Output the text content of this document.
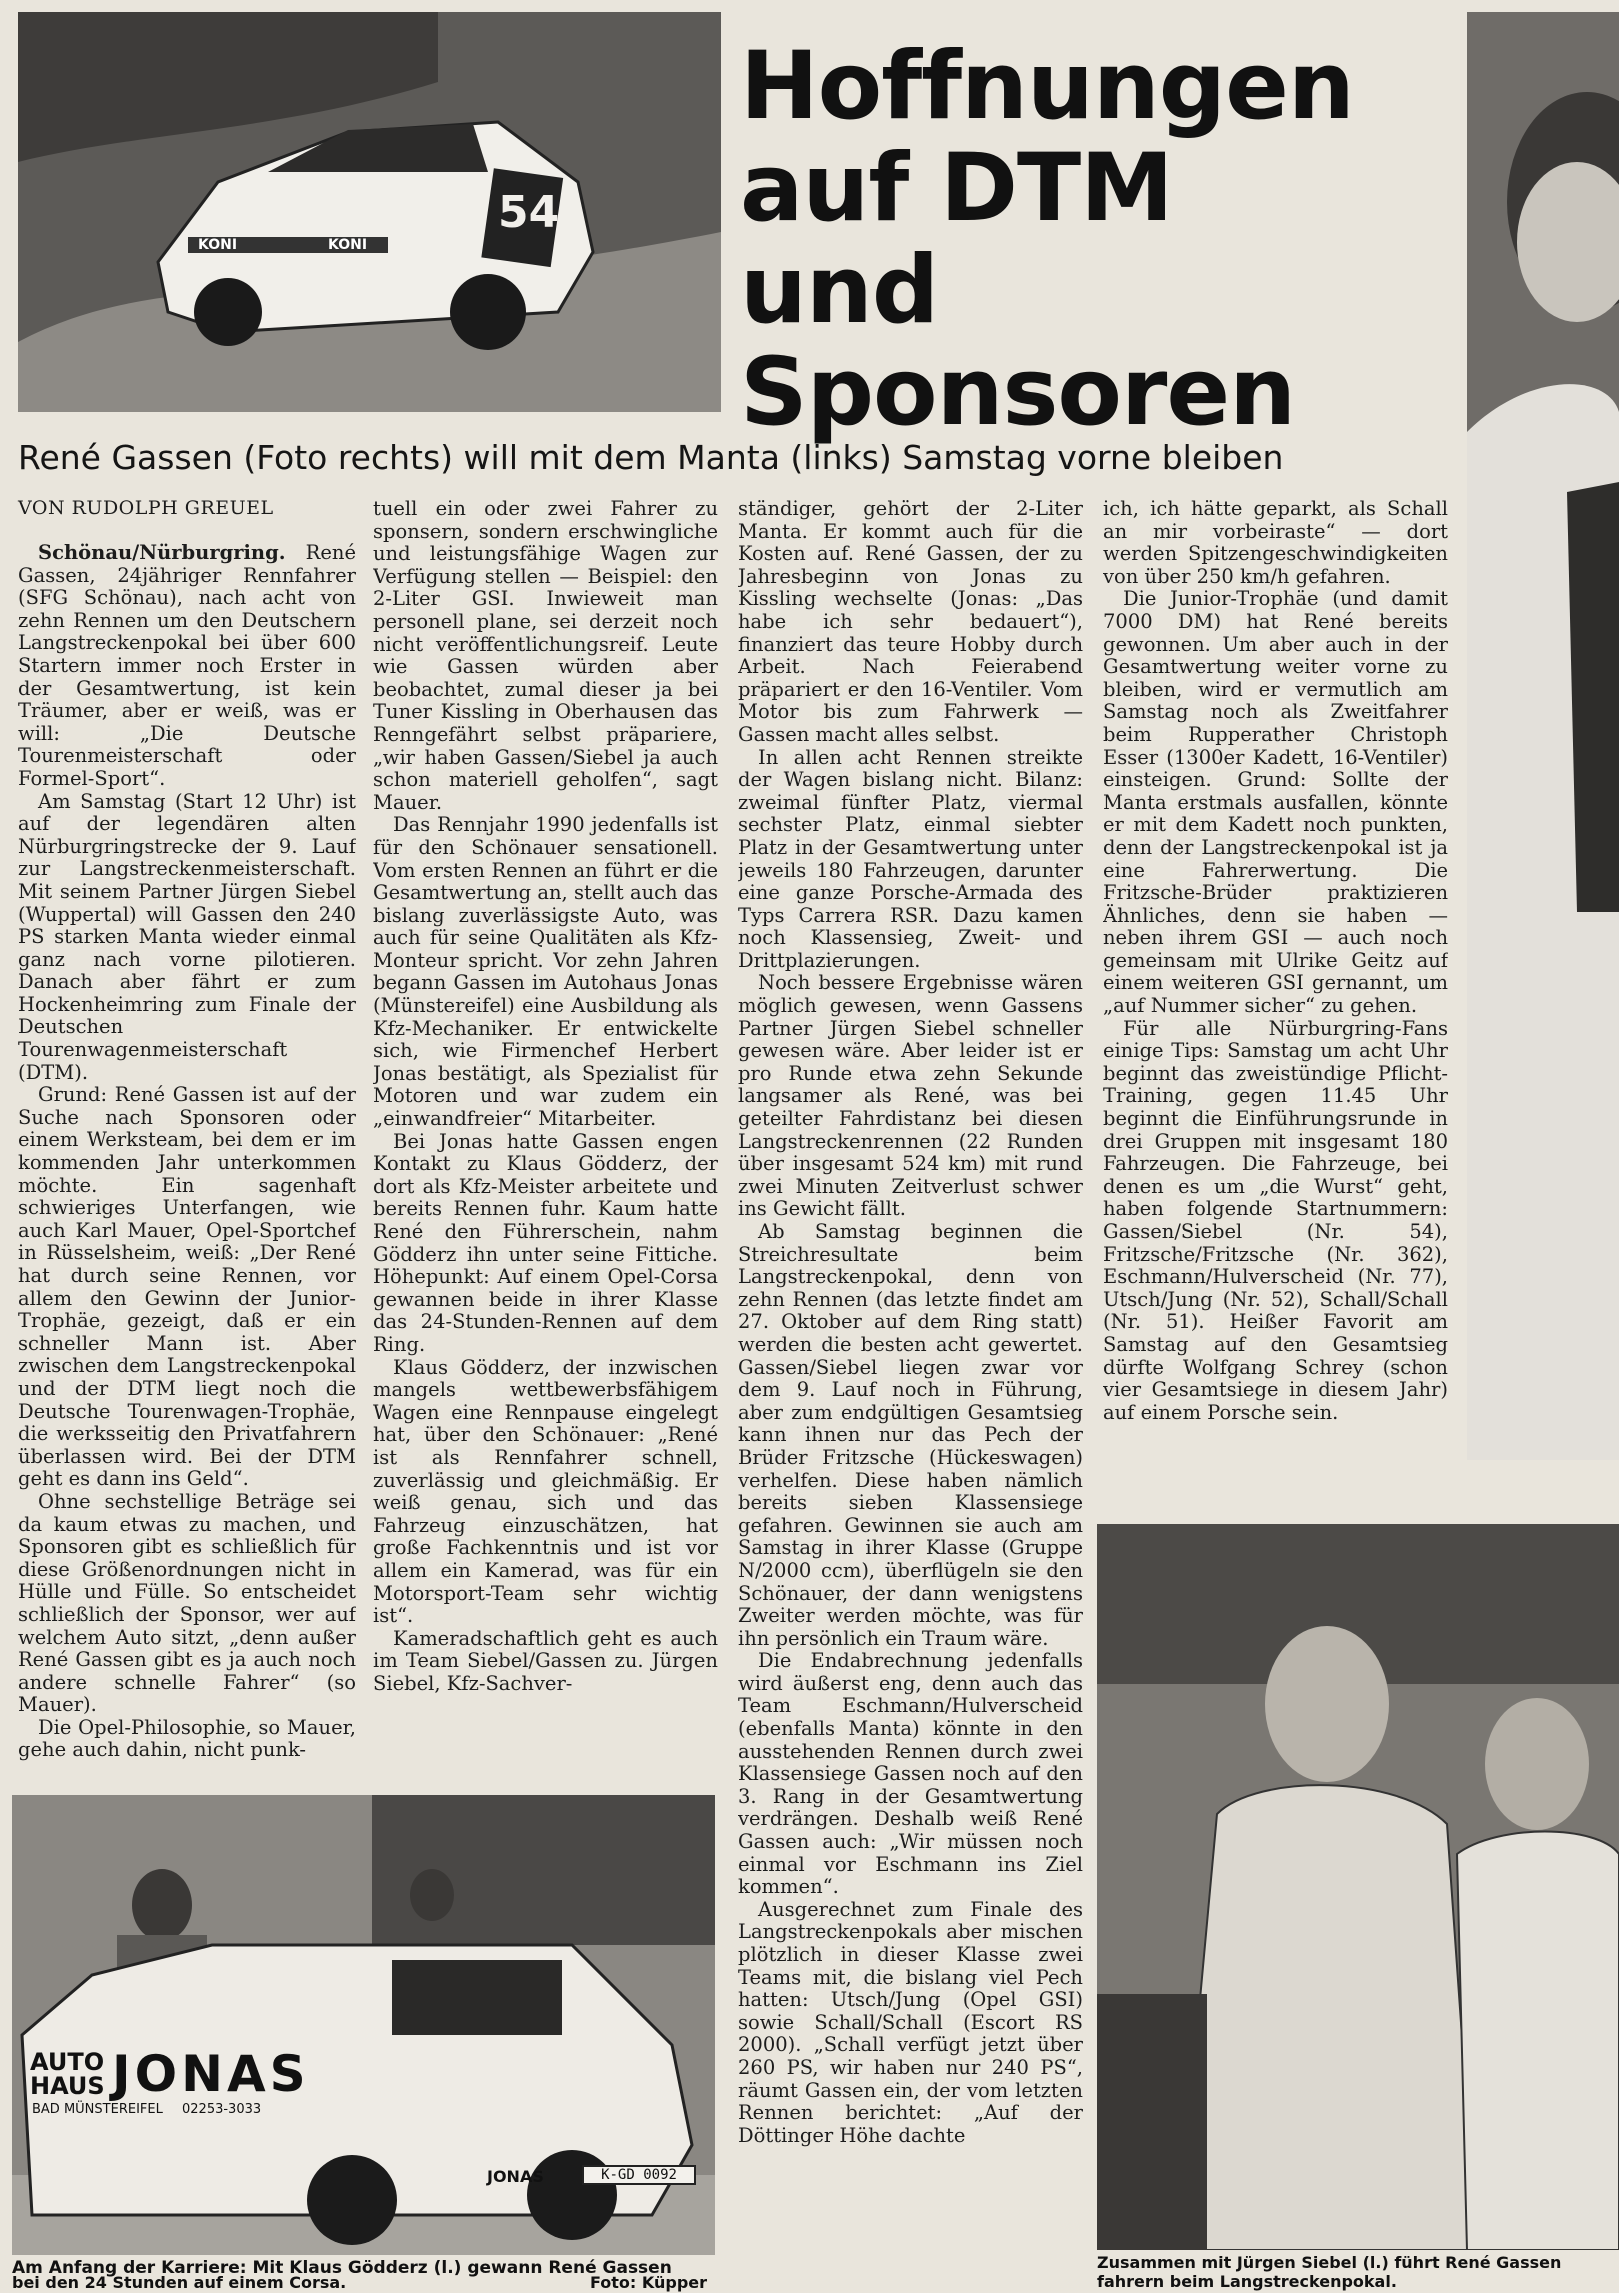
KONI	KONI
54
Hoffnungen
auf DTM und
Sponsoren
René Gassen (Foto rechts) will mit dem Manta (links) Samstag vorne bleiben
VON RUDOLPH GREUEL

Schönau/Nürburgring. René Gassen, 24jähriger Rennfahrer (SFG Schönau), nach acht von zehn Rennen um den Deutschern Langstreckenpokal bei über 600 Startern immer noch Erster in der Gesamtwertung, ist kein Träumer, aber er weiß, was er will: „Die Deutsche Tourenmeisterschaft oder Formel-Sport“.

Am Samstag (Start 12 Uhr) ist auf der legendären alten Nürburgringstrecke der 9. Lauf zur Langstreckenmeisterschaft. Mit seinem Partner Jürgen Siebel (Wuppertal) will Gassen den 240 PS starken Manta wieder einmal ganz nach vorne pilotieren. Danach aber fährt er zum Hockenheimring zum Finale der Deutschen Tourenwagenmeisterschaft (DTM).

Grund: René Gassen ist auf der Suche nach Sponsoren oder einem Werksteam, bei dem er im kommenden Jahr unterkommen möchte. Ein sagenhaft schwieriges Unterfangen, wie auch Karl Mauer, Opel-Sportchef in Rüsselsheim, weiß: „Der René hat durch seine Rennen, vor allem den Gewinn der Junior-Trophäe, gezeigt, daß er ein schneller Mann ist. Aber zwischen dem Langstreckenpokal und der DTM liegt noch die Deutsche Tourenwagen-Trophäe, die werksseitig den Privatfahrern überlassen wird. Bei der DTM geht es dann ins Geld“.

Ohne sechstellige Beträge sei da kaum etwas zu machen, und Sponsoren gibt es schließlich für diese Größenordnungen nicht in Hülle und Fülle. So entscheidet schließlich der Sponsor, wer auf welchem Auto sitzt, „denn außer René Gassen gibt es ja auch noch andere schnelle Fahrer“ (so Mauer).

Die Opel-Philosophie, so Mauer, gehe auch dahin, nicht punk-

tuell ein oder zwei Fahrer zu sponsern, sondern erschwingliche und leistungsfähige Wagen zur Verfügung stellen — Beispiel: den 2-Liter GSI. Inwieweit man personell plane, sei derzeit noch nicht veröffentlichungsreif. Leute wie Gassen würden aber beobachtet, zumal dieser ja bei Tuner Kissling in Oberhausen das Renngefährt selbst präpariere, „wir haben Gassen/Siebel ja auch schon materiell geholfen“, sagt Mauer.

Das Rennjahr 1990 jedenfalls ist für den Schönauer sensationell. Vom ersten Rennen an führt er die Gesamtwertung an, stellt auch das bislang zuverlässigste Auto, was auch für seine Qualitäten als Kfz-Monteur spricht. Vor zehn Jahren begann Gassen im Autohaus Jonas (Münstereifel) eine Ausbildung als Kfz-Mechaniker. Er entwickelte sich, wie Firmenchef Herbert Jonas bestätigt, als Spezialist für Motoren und war zudem ein „einwandfreier“ Mitarbeiter.

Bei Jonas hatte Gassen engen Kontakt zu Klaus Gödderz, der dort als Kfz-Meister arbeitete und bereits Rennen fuhr. Kaum hatte René den Führerschein, nahm Gödderz ihn unter seine Fittiche. Höhepunkt: Auf einem Opel-Corsa gewannen beide in ihrer Klasse das 24-Stunden-Rennen auf dem Ring.

Klaus Gödderz, der inzwischen mangels wettbewerbsfähigem Wagen eine Rennpause eingelegt hat, über den Schönauer: „René ist als Rennfahrer schnell, zuverlässig und gleichmäßig. Er weiß genau, sich und das Fahrzeug einzuschätzen, hat große Fachkenntnis und ist vor allem ein Kamerad, was für ein Motorsport-Team sehr wichtig ist“.

Kameradschaftlich geht es auch im Team Siebel/Gassen zu. Jürgen Siebel, Kfz-Sachver-

ständiger, gehört der 2-Liter Manta. Er kommt auch für die Kosten auf. René Gassen, der zu Jahresbeginn von Jonas zu Kissling wechselte (Jonas: „Das habe ich sehr bedauert“), finanziert das teure Hobby durch Arbeit. Nach Feierabend präpariert er den 16-Ventiler. Vom Motor bis zum Fahrwerk — Gassen macht alles selbst.

In allen acht Rennen streikte der Wagen bislang nicht. Bilanz: zweimal fünfter Platz, viermal sechster Platz, einmal siebter Platz in der Gesamtwertung unter jeweils 180 Fahrzeugen, darunter eine ganze Porsche-Armada des Typs Carrera RSR. Dazu kamen noch Klassensieg, Zweit- und Drittplazierungen.

Noch bessere Ergebnisse wären möglich gewesen, wenn Gassens Partner Jürgen Siebel schneller gewesen wäre. Aber leider ist er pro Runde etwa zehn Sekunde langsamer als René, was bei geteilter Fahrdistanz bei diesen Langstreckenrennen (22 Runden über insgesamt 524 km) mit rund zwei Minuten Zeitverlust schwer ins Gewicht fällt.

Ab Samstag beginnen die Streichresultate beim Langstreckenpokal, denn von zehn Rennen (das letzte findet am 27. Oktober auf dem Ring statt) werden die besten acht gewertet. Gassen/Siebel liegen zwar vor dem 9. Lauf noch in Führung, aber zum endgültigen Gesamtsieg kann ihnen nur das Pech der Brüder Fritzsche (Hückeswagen) verhelfen. Diese haben nämlich bereits sieben Klassensiege gefahren. Gewinnen sie auch am Samstag in ihrer Klasse (Gruppe N/2000 ccm), überflügeln sie den Schönauer, der dann wenigstens Zweiter werden möchte, was für ihn persönlich ein Traum wäre.

Die Endabrechnung jedenfalls wird äußerst eng, denn auch das Team Eschmann/Hulverscheid (ebenfalls Manta) könnte in den ausstehenden Rennen durch zwei Klassensiege Gassen noch auf den 3. Rang in der Gesamtwertung verdrängen. Deshalb weiß René Gassen auch: „Wir müssen noch einmal vor Eschmann ins Ziel kommen“.

Ausgerechnet zum Finale des Langstreckenpokals aber mischen plötzlich in dieser Klasse zwei Teams mit, die bislang viel Pech hatten: Utsch/Jung (Opel GSI) sowie Schall/Schall (Escort RS 2000). „Schall verfügt jetzt über 260 PS, wir haben nur 240 PS“, räumt Gassen ein, der vom letzten Rennen berichtet: „Auf der Döttinger Höhe dachte

ich, ich hätte geparkt, als Schall an mir vorbeiraste“ — dort werden Spitzengeschwindigkeiten von über 250 km/h gefahren.

Die Junior-Trophäe (und damit 7000 DM) hat René bereits gewonnen. Um aber auch in der Gesamtwertung weiter vorne zu bleiben, wird er vermutlich am Samstag noch als Zweitfahrer beim Rupperather Christoph Esser (1300er Kadett, 16-Ventiler) einsteigen. Grund: Sollte der Manta erstmals ausfallen, könnte er mit dem Kadett noch punkten, denn der Langstreckenpokal ist ja eine Fahrerwertung. Die Fritzsche-Brüder praktizieren Ähnliches, denn sie haben — neben ihrem GSI — auch noch gemeinsam mit Ulrike Geitz auf einem weiteren GSI gernannt, um „auf Nummer sicher“ zu gehen.

Für alle Nürburgring-Fans einige Tips: Samstag um acht Uhr beginnt das zweistündige Pflicht-Training, gegen 11.45 Uhr beginnt die Einführungsrunde in drei Gruppen mit insgesamt 180 Fahrzeugen. Die Fahrzeuge, bei denen es um „die Wurst“ geht, haben folgende Startnummern: Gassen/Siebel (Nr. 54), Fritzsche/Fritzsche (Nr. 362), Eschmann/Hulverscheid (Nr. 77), Utsch/Jung (Nr. 52), Schall/Schall (Nr. 51). Heißer Favorit am Samstag auf den Gesamtsieg dürfte Wolfgang Schrey (schon vier Gesamtsiege in diesem Jahr) auf einem Porsche sein.

AUTO
HAUS JONAS
BAD MÜNSTEREIFEL 02253-3033
JONAS	K-GD 0092
Am Anfang der Karriere: Mit Klaus Gödderz (l.) gewann René Gassen
bei den 24 Stunden auf einem Corsa.	Foto: Küpper
Zusammen mit Jürgen Siebel (l.) führt René Gassen
fahrern beim Langstreckenpokal.
